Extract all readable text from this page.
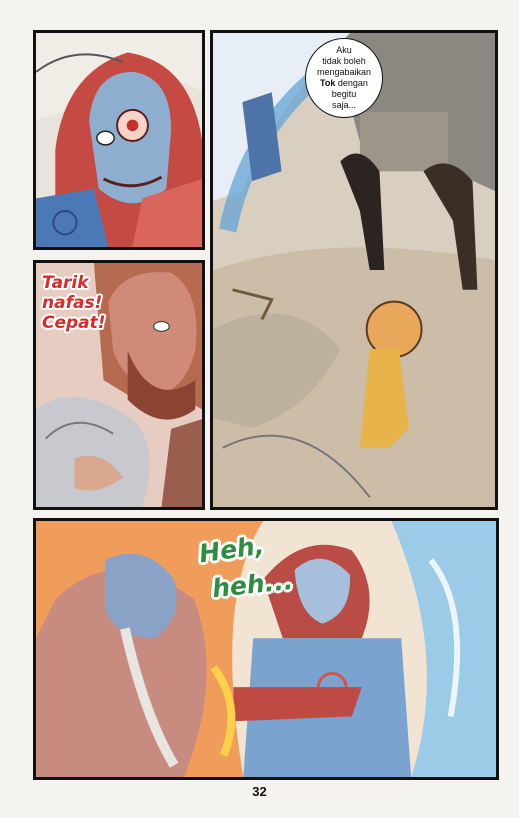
Tarik
nafas!
Cepat!
Aku
tidak boleh
mengabaikan
Tok dengan
begitu
saja...
Heh,
heh...
32
